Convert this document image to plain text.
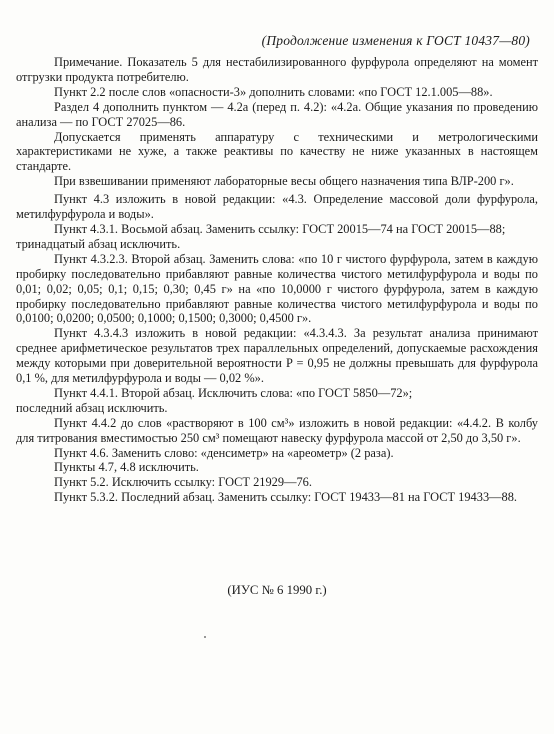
(Продолжение изменения к ГОСТ 10437—80)

Примечание. Показатель 5 для нестабилизированного фурфурола определяют на момент отгрузки продукта потребителю.

Пункт 2.2 после слов «опасности-3» дополнить словами: «по ГОСТ 12.1.005—88».

Раздел 4 дополнить пунктом — 4.2а (перед п. 4.2): «4.2а. Общие указания по проведению анализа — по ГОСТ 27025—86.

Допускается применять аппаратуру с техническими и метрологическими характеристиками не хуже, а также реактивы по качеству не ниже указанных в настоящем стандарте.

При взвешивании применяют лабораторные весы общего назначения типа ВЛР-200 г».

Пункт 4.3 изложить в новой редакции: «4.3. Определение массовой доли фурфурола, метилфурфурола и воды».

Пункт 4.3.1. Восьмой абзац. Заменить ссылку: ГОСТ 20015—74 на ГОСТ 20015—88;

тринадцатый абзац исключить.

Пункт 4.3.2.3. Второй абзац. Заменить слова: «по 10 г чистого фурфурола, затем в каждую пробирку последовательно прибавляют равные количества чистого метилфурфурола и воды по 0,01; 0,02; 0,05; 0,1; 0,15; 0,30; 0,45 г» на «по 10,0000 г чистого фурфурола, затем в каждую пробирку последовательно прибавляют равные количества чистого метилфурфурола и воды по 0,0100; 0,0200; 0,0500; 0,1000; 0,1500; 0,3000; 0,4500 г».

Пункт 4.3.4.3 изложить в новой редакции: «4.3.4.3. За результат анализа принимают среднее арифметическое результатов трех параллельных определений, допускаемые расхождения между которыми при доверительной вероятности P = 0,95 не должны превышать для фурфурола 0,1 %, для метилфурфурола и воды — 0,02 %».

Пункт 4.4.1. Второй абзац. Исключить слова: «по ГОСТ 5850—72»;

последний абзац исключить.

Пункт 4.4.2 до слов «растворяют в 100 см³» изложить в новой редакции: «4.4.2. В колбу для титрования вместимостью 250 см³ помещают навеску фурфурола массой от 2,50 до 3,50 г».

Пункт 4.6. Заменить слово: «денсиметр» на «ареометр» (2 раза).

Пункты 4.7, 4.8 исключить.

Пункт 5.2. Исключить ссылку: ГОСТ 21929—76.

Пункт 5.3.2. Последний абзац. Заменить ссылку: ГОСТ 19433—81 на ГОСТ 19433—88.

(ИУС № 6 1990 г.)
